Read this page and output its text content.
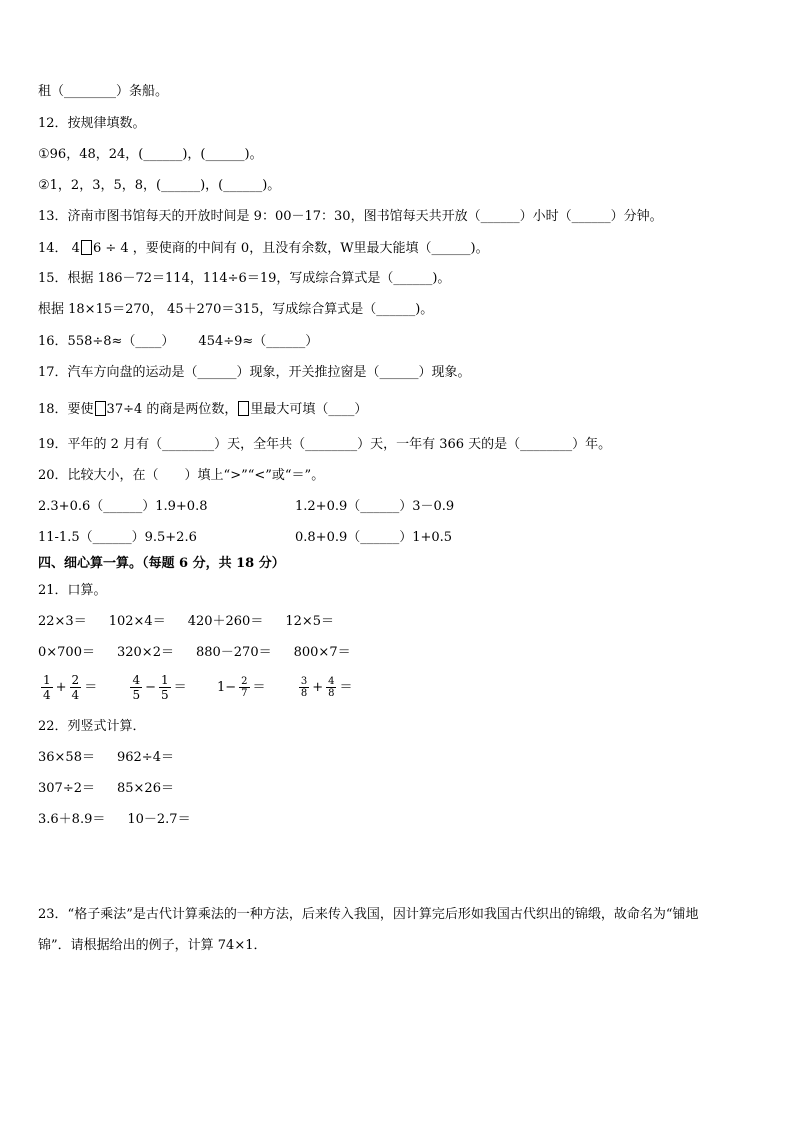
租（________）条船。
12．按规律填数。
①96，48，24，(______)，(______)。
②1，2，3，5，8，(______)，(______)。
13．济南市图书馆每天的开放时间是 9：00－17：30，图书馆每天共开放（______）小时（______）分钟。
14． 4 6 ÷ 4 ，要使商的中间有 0，且没有余数，W里最大能填（______)。
15．根据 186－72＝114，114÷6＝19，写成综合算式是（______)。
根据 18×15＝270， 45＋270＝315，写成综合算式是（______)。
16．558÷8≈（____） 454÷9≈（______）
17．汽车方向盘的运动是（______）现象，开关推拉窗是（______）现象。
18．要使 37÷4 的商是两位数， 里最大可填（____）
19．平年的 2 月有（________）天，全年共（________）天，一年有 366 天的是（________）年。
20．比较大小，在（　　）填上“>”“<”或“＝”。
2.3+0.6（______）1.9+0.8	1.2+0.9（______）3－0.9
11-1.5（______）9.5+2.6	0.8+0.9（______）1+0.5
四、细心算一算。（每题 6 分，共 18 分）
21．口算。
22×3＝ 102×4＝ 420＋260＝ 12×5＝
0×700＝ 320×2＝ 880－270＝ 800×7＝
$\frac{1}{4} + \frac{2}{4}$ ＝	$\frac{4}{5} - \frac{1}{5} = 1- \frac{2}{7}$ ＝	$\frac{3}{8} + \frac{4}{8}$ ＝
22．列竖式计算．
36×58＝ 962÷4＝
307÷2＝ 85×26＝
3.6＋8.9＝ 10－2.7＝
23．“格子乘法”是古代计算乘法的一种方法，后来传入我国，因计算完后形如我国古代织出的锦缎，故命名为“铺地
锦”．请根据给出的例子，计算 74×1．
